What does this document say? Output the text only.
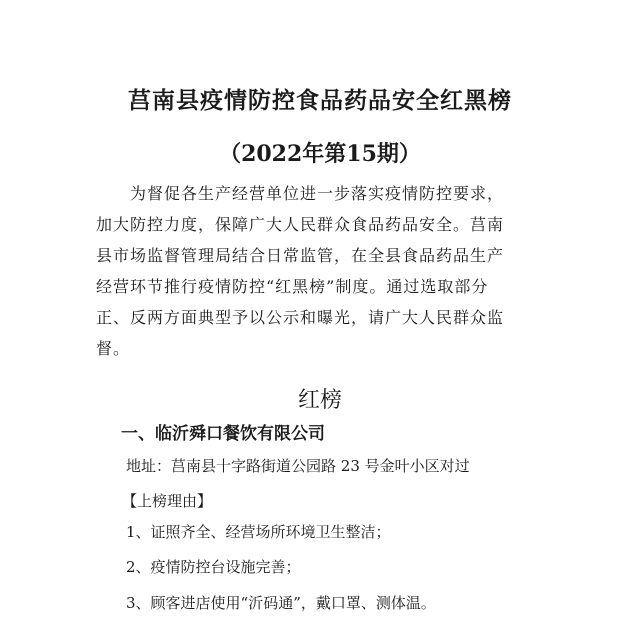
莒南县疫情防控食品药品安全红黑榜
（2022年第15期）
为督促各生产经营单位进一步落实疫情防控要求，
加大防控力度，保障广大人民群众食品药品安全。莒南
县市场监督管理局结合日常监管，在全县食品药品生产
经营环节推行疫情防控“红黑榜”制度。通过选取部分
正、反两方面典型予以公示和曝光，请广大人民群众监
督。
红榜
一、临沂舜口餐饮有限公司
地址：莒南县十字路街道公园路 23 号金叶小区对过
【上榜理由】
1、证照齐全、经营场所环境卫生整洁；
2、疫情防控台设施完善；
3、顾客进店使用“沂码通”，戴口罩、测体温。
